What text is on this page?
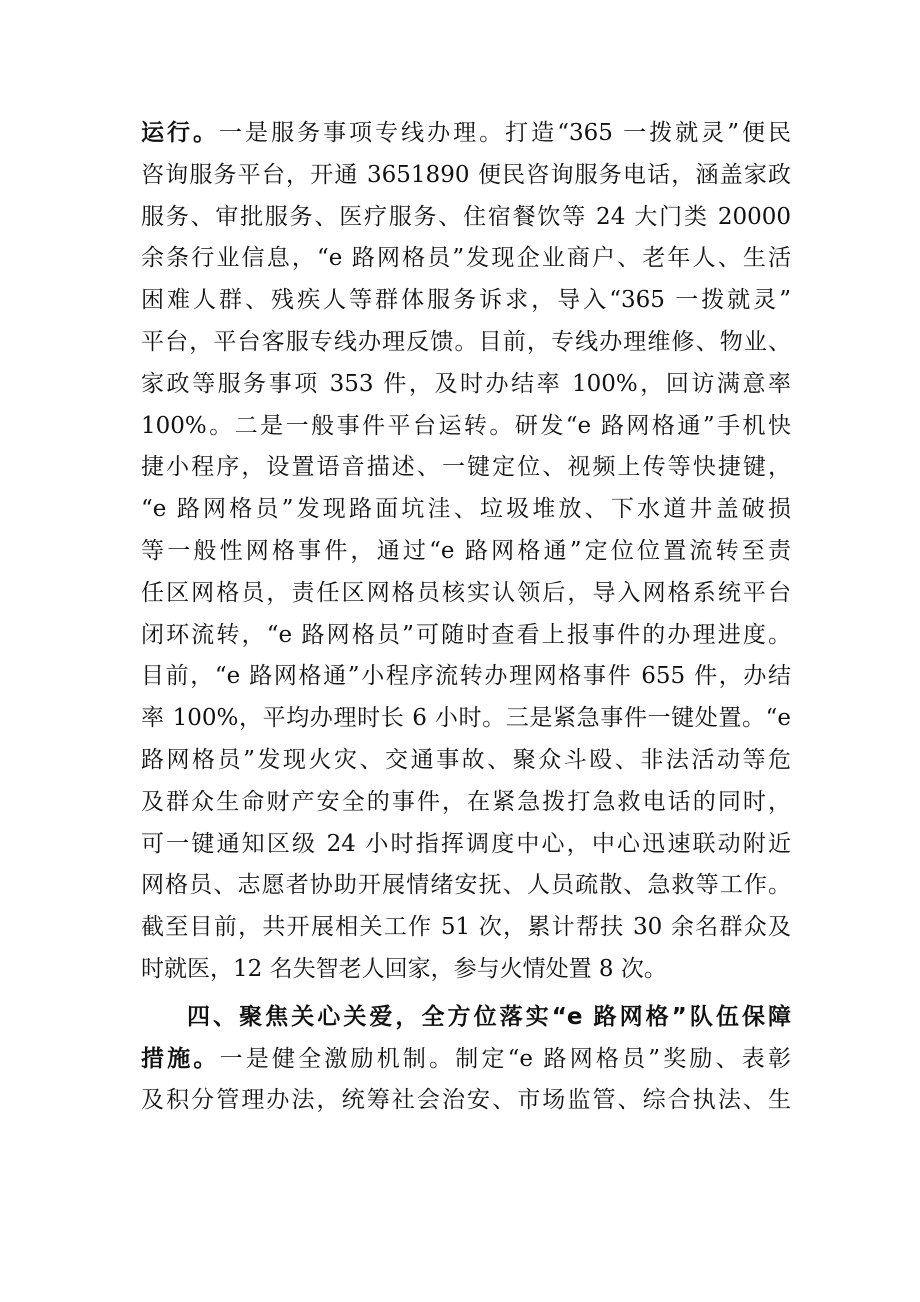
运行。一是服务事项专线办理。打造“365 一拨就灵”便民
咨询服务平台，开通 3651890 便民咨询服务电话，涵盖家政
服务、审批服务、医疗服务、住宿餐饮等 24 大门类 20000
余条行业信息，“e 路网格员”发现企业商户、老年人、生活
困难人群、残疾人等群体服务诉求，导入“365 一拨就灵”
平台，平台客服专线办理反馈。目前，专线办理维修、物业、
家政等服务事项 353 件，及时办结率 100%，回访满意率
100%。二是一般事件平台运转。研发“e 路网格通”手机快
捷小程序，设置语音描述、一键定位、视频上传等快捷键，
“e 路网格员”发现路面坑洼、垃圾堆放、下水道井盖破损
等一般性网格事件，通过“e 路网格通”定位位置流转至责
任区网格员，责任区网格员核实认领后，导入网格系统平台
闭环流转，“e 路网格员”可随时查看上报事件的办理进度。
目前，“e 路网格通”小程序流转办理网格事件 655 件，办结
率 100%，平均办理时长 6 小时。三是紧急事件一键处置。“e
路网格员”发现火灾、交通事故、聚众斗殴、非法活动等危
及群众生命财产安全的事件，在紧急拨打急救电话的同时，
可一键通知区级 24 小时指挥调度中心，中心迅速联动附近
网格员、志愿者协助开展情绪安抚、人员疏散、急救等工作。
截至目前，共开展相关工作 51 次，累计帮扶 30 余名群众及
时就医，12 名失智老人回家，参与火情处置 8 次。
四、聚焦关心关爱，全方位落实“e 路网格”队伍保障
措施。一是健全激励机制。制定“e 路网格员”奖励、表彰
及积分管理办法，统筹社会治安、市场监管、综合执法、生
